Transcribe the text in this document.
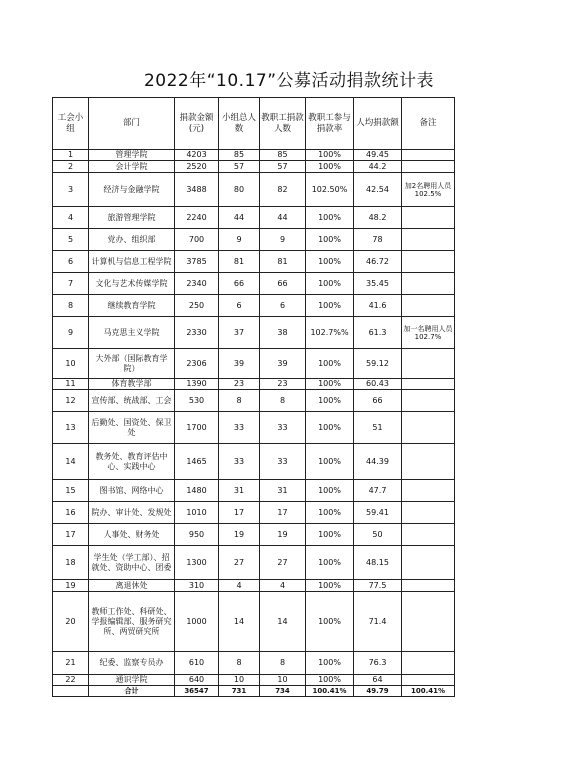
2022年“10.17”公募活动捐款统计表
工会小组	部门	捐款金额(元)	小组总人数	教职工捐款人数	教职工参与捐款率	人均捐款额	备注
1	管理学院	4203	85	85	100%	49.45	
2	会计学院	2520	57	57	100%	44.2	
3	经济与金融学院	3488	80	82	102.50%	42.54	加2名聘用人员102.5%
4	旅游管理学院	2240	44	44	100%	48.2	
5	党办、组织部	700	9	9	100%	78	
6	计算机与信息工程学院	3785	81	81	100%	46.72	
7	文化与艺术传媒学院	2340	66	66	100%	35.45	
8	继续教育学院	250	6	6	100%	41.6	
9	马克思主义学院	2330	37	38	102.7%%	61.3	加一名聘用人员102.7%
10	大外部（国际教育学院）	2306	39	39	100%	59.12	
11	体育教学部	1390	23	23	100%	60.43	
12	宣传部、统战部、工会	530	8	8	100%	66	
13	后勤处、国资处、保卫处	1700	33	33	100%	51	
14	教务处、教育评估中心、实践中心	1465	33	33	100%	44.39	
15	图书馆、网络中心	1480	31	31	100%	47.7	
16	院办、审计处、发规处	1010	17	17	100%	59.41	
17	人事处、财务处	950	19	19	100%	50	
18	学生处（学工部）、招就处、资助中心、团委	1300	27	27	100%	48.15	
19	离退休处	310	4	4	100%	77.5	
20	教师工作处、科研处、学报编辑部、服务研究所、两贸研究所	1000	14	14	100%	71.4	
21	纪委、监察专员办	610	8	8	100%	76.3	
22	通识学院	640	10	10	100%	64	
	合计	36547	731	734	100.41%	49.79	100.41%
